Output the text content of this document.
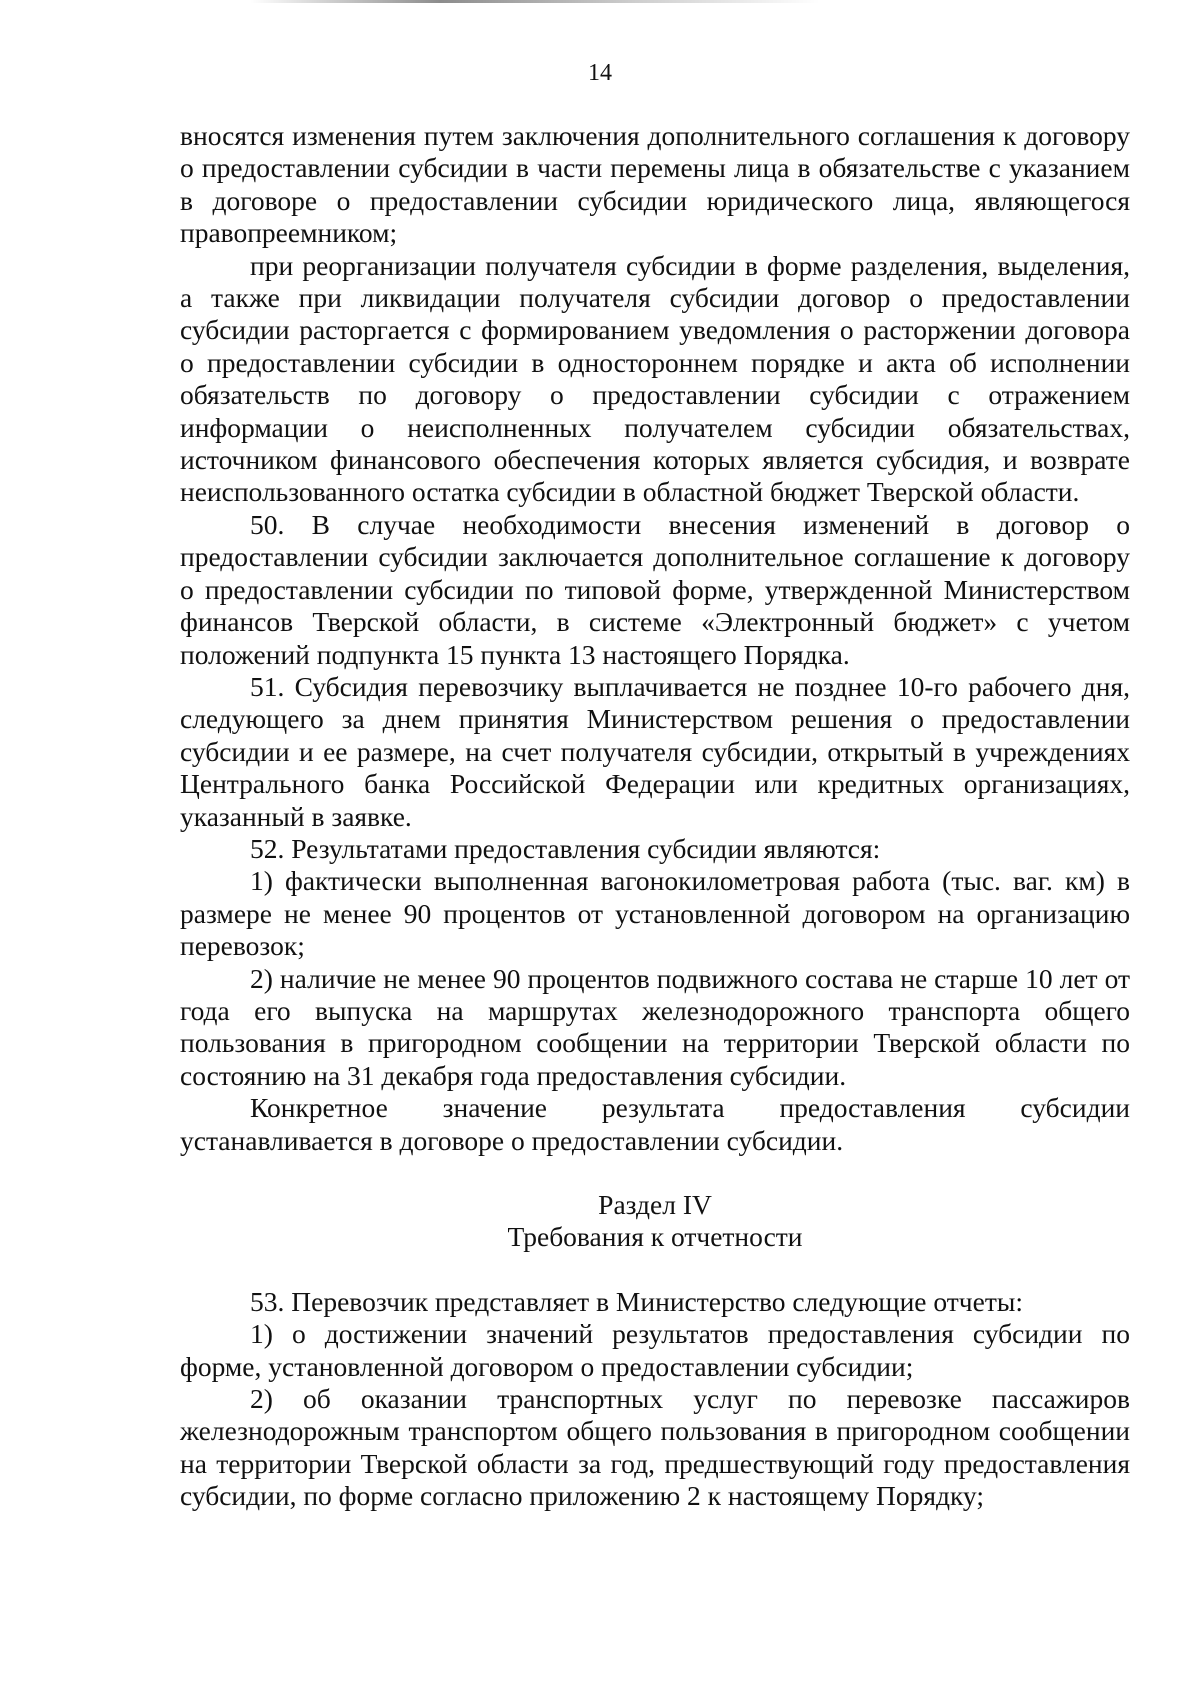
14

вносятся изменения путем заключения дополнительного соглашения к договору о предоставлении субсидии в части перемены лица в обязательстве с указанием в договоре о предоставлении субсидии юридического лица, являющегося правопреемником;

при реорганизации получателя субсидии в форме разделения, выделения, а также при ликвидации получателя субсидии договор о предоставлении субсидии расторгается с формированием уведомления о расторжении договора о предоставлении субсидии в одностороннем порядке и акта об исполнении обязательств по договору о предоставлении субсидии с отражением информации о неисполненных получателем субсидии обязательствах, источником финансового обеспечения которых является субсидия, и возврате неиспользованного остатка субсидии в областной бюджет Тверской области.

50. В случае необходимости внесения изменений в договор о предоставлении субсидии заключается дополнительное соглашение к договору о предоставлении субсидии по типовой форме, утвержденной Министерством финансов Тверской области, в системе «Электронный бюджет» с учетом положений подпункта 15 пункта 13 настоящего Порядка.

51. Субсидия перевозчику выплачивается не позднее 10-го рабочего дня, следующего за днем принятия Министерством решения о предоставлении субсидии и ее размере, на счет получателя субсидии, открытый в учреждениях Центрального банка Российской Федерации или кредитных организациях, указанный в заявке.

52. Результатами предоставления субсидии являются:

1) фактически выполненная вагонокилометровая работа (тыс. ваг. км) в размере не менее 90 процентов от установленной договором на организацию перевозок;

2) наличие не менее 90 процентов подвижного состава не старше 10 лет от года его выпуска на маршрутах железнодорожного транспорта общего пользования в пригородном сообщении на территории Тверской области по состоянию на 31 декабря года предоставления субсидии.

Конкретное значение результата предоставления субсидии устанавливается в договоре о предоставлении субсидии.

Раздел IV

Требования к отчетности

53. Перевозчик представляет в Министерство следующие отчеты:

1) о достижении значений результатов предоставления субсидии по форме, установленной договором о предоставлении субсидии;

2) об оказании транспортных услуг по перевозке пассажиров железнодорожным транспортом общего пользования в пригородном сообщении на территории Тверской области за год, предшествующий году предоставления субсидии, по форме согласно приложению 2 к настоящему Порядку;
